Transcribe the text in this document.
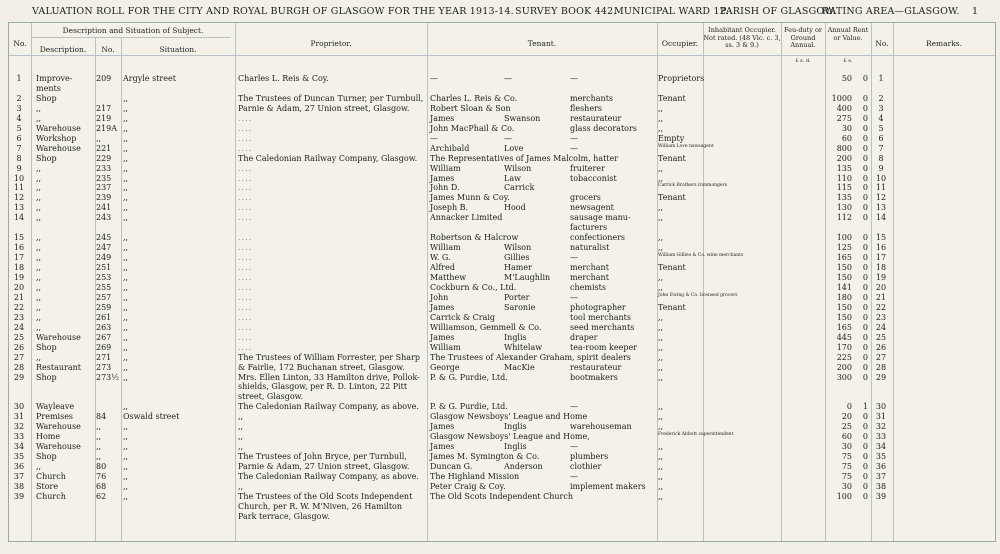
VALUATION ROLL FOR THE CITY AND ROYAL BURGH OF GLASGOW FOR THE YEAR 1913-14. SURVEY BOOK 442.
MUNICIPAL WARD 12.
PARISH OF GLASGOW.
RATING AREA—GLASGOW. 1
No.
Description and Situation of Subject.
Description.	No.	Situation.
Proprietor.	Tenant.	Occupier.
Inhabitant Occupier. Not rated. (48 Vic. c. 3, ss. 3 & 9.)
Feu-duty or Ground Annual.
Annual Rent or Value.
No.	Remarks.
£ s. d.	£ s.
1	Improve-	209	Argyle street	Charles L. Reis & Coy.	—	—	—	Proprietors	50	0	1
ments
2	Shop	,,	The Trustees of Duncan Turner, per Turnbull, Charles L. Reis & Co.	merchants	Tenant	1000	0	2
3	,,	217	,,	Parnie & Adam, 27 Union street, Glasgow.	Robert Sloan & Son	fleshers	,,	400	0	3
4	,,	219	,,	....	James	Swanson	restaurateur	,,	275	0	4
5	Warehouse	219A ,,	....	John MacPhail & Co.	glass decorators	,,	30	0	5
6	Workshop	,,	,,	....	—	—	—	Empty	60	0	6
7	Warehouse	221	,,	....	Archibald	Love	—	William Love newsagent	800	0	7
8	Shop	229	,,	The Caledonian Railway Company, Glasgow.	The Representatives of James Malcolm, hatter	Tenant	200	0	8
9	,,	233	,,	....	William	Wilson	fruiterer	,,	135	0	9
10	,,	235	,,	....	James	Law	tobacconist	,,	110	0 10
11	,,	237	,,	....	John D.	Carrick	Carrick Brothers ironmongers	115	0 11
12	,,	239	,,	....	James Munn & Coy.	grocers	Tenant	135	0 12
13	,,	241	,,	....	Joseph B.	Hood	newsagent	,,	130	0 13
14	,,	243	,,	....	Annacker Limited	sausage manu-	,,	112	0 14
facturers
15	,,	245	,,	....	Robertson & Halcrow	confectioners	,,	100	0 15
16	,,	247	,,	....	William	Wilson	naturalist	,,	125	0 16
17	,,	249	,,	....	W. G.	Gillies	—	William Gillies & Co. wine merchants	165	0 17
18	,,	251	,,	....	Alfred	Hamer	merchant	Tenant	150	0 18
19	,,	253	,,	....	Matthew	M'Laughlin	merchant	,,	150	0 19
20	,,	255	,,	....	Cockburn & Co., Ltd.	chemists	,,	141	0 20
21	,,	257	,,	....	John	Porter	—	John Ewing & Co. licensed grocers	180	0 21
22	,,	259	,,	....	James	Saronie	photographer	Tenant	150	0 22
23	,,	261	,,	....	Carrick & Craig	tool merchants	,,	150	0 23
24	,,	263	,,	....	Williamson, Gemmell & Co.	seed merchants	,,	165	0 24
25	Warehouse	267	,,	....	James	Inglis	draper	,,	445	0 25
26	Shop	269	,,	....	William	Whitelaw	tea-room keeper	,,	170	0 26
27	,,	271	,,	The Trustees of William Forrester, per Sharp	The Trustees of Alexander Graham, spirit dealers	,,	225	0 27
28	Restaurant	273	,,	& Fairlie, 172 Buchanan street, Glasgow.	George	MacKie	restaurateur	,,	200	0 28
29	Shop	273½ ,,	Mrs. Ellen Linton, 33 Hamilton drive, Pollok-	P. & G. Purdie, Ltd.	bootmakers	,,	300	0 29
shields, Glasgow, per R. D. Linton, 22 Pitt
street, Glasgow.
30	Wayleave	,,	The Caledonian Railway Company, as above.	P. & G. Purdie, Ltd.	—	,,	0	1 30
31	Premises	84	Oswald street	,,	Glasgow Newsboys' League and Home	,,	20	0 31
32	Warehouse	,,	,,	,,	James	Inglis	warehouseman	,,	25	0 32
33	Home	,,	,,	,,	Glasgow Newsboys' League and Home,	Frederick Abbott superintendent	60	0 33
34	Warehouse	,,	,,	,,	James	Inglis	—	,,	30	0 34
35	Shop	,,	,,	The Trustees of John Bryce, per Turnbull,	James M. Symington & Co.	plumbers	,,	75	0 35
36	,,	80	,,	Parnie & Adam, 27 Union street, Glasgow.	Duncan G.	Anderson	clothier	,,	75	0 36
37	Church	76	,,	The Caledonian Railway Company, as above.	The Highland Mission	—	,,	75	0 37
38	Store	68	,,	,,	Peter Craig & Coy.	implement makers	,,	30	0 38
39	Church	62	,,	The Trustees of the Old Scots Independent	The Old Scots Independent Church	,,	100	0 39
Church, per R. W. M'Niven, 26 Hamilton
Park terrace, Glasgow.
